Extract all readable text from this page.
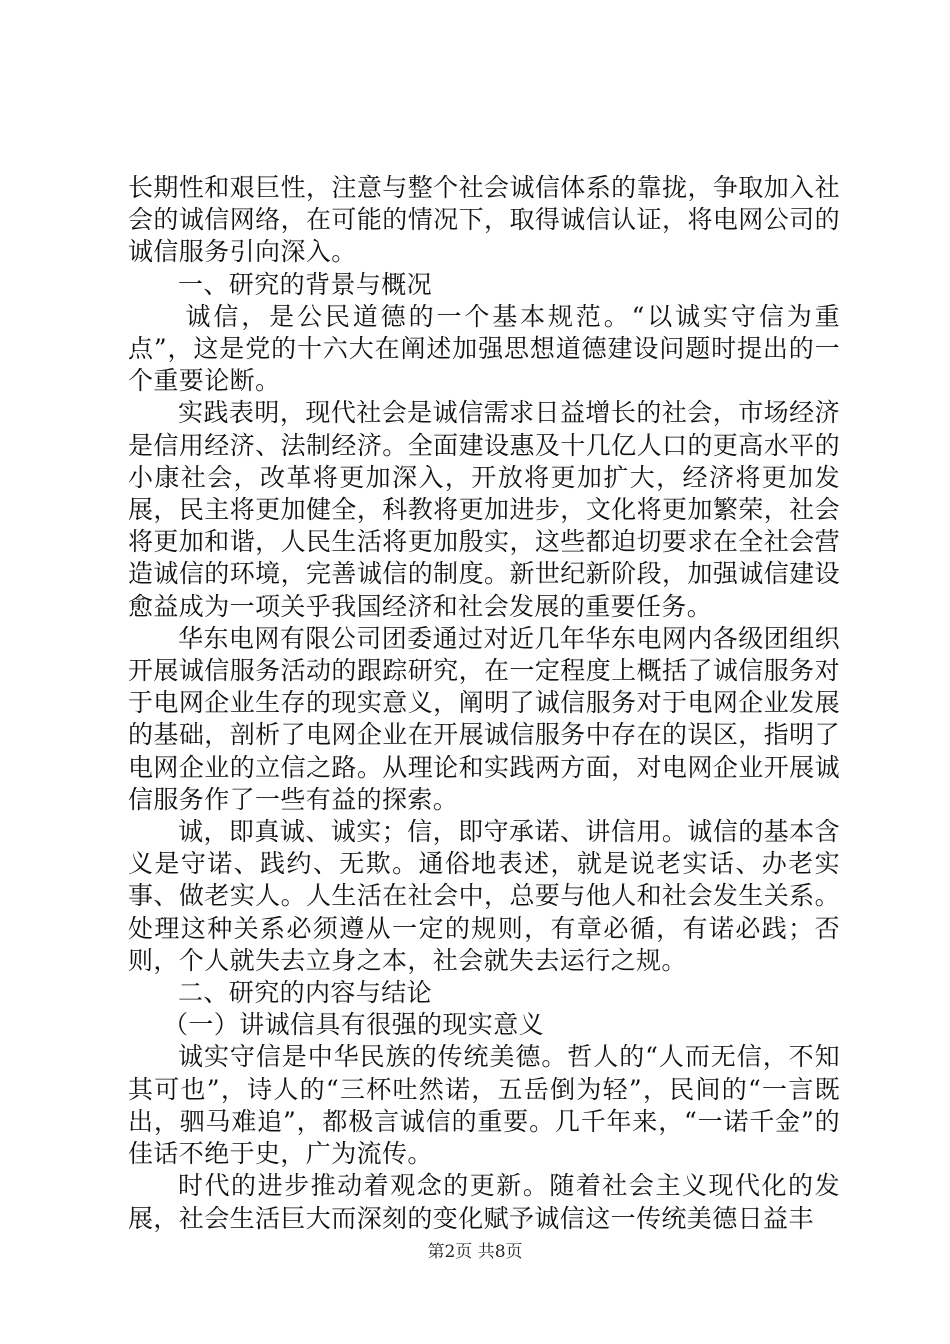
长期性和艰巨性，注意与整个社会诚信体系的靠拢，争取加入社会的诚信网络，在可能的情况下，取得诚信认证，将电网公司的诚信服务引向深入。

一、研究的背景与概况

诚信，是公民道德的一个基本规范。“以诚实守信为重点”，这是党的十六大在阐述加强思想道德建设问题时提出的一个重要论断。

实践表明，现代社会是诚信需求日益增长的社会，市场经济是信用经济、法制经济。全面建设惠及十几亿人口的更高水平的小康社会，改革将更加深入，开放将更加扩大，经济将更加发展，民主将更加健全，科教将更加进步，文化将更加繁荣，社会将更加和谐，人民生活将更加殷实，这些都迫切要求在全社会营造诚信的环境，完善诚信的制度。新世纪新阶段，加强诚信建设愈益成为一项关乎我国经济和社会发展的重要任务。

华东电网有限公司团委通过对近几年华东电网内各级团组织开展诚信服务活动的跟踪研究，在一定程度上概括了诚信服务对于电网企业生存的现实意义，阐明了诚信服务对于电网企业发展的基础，剖析了电网企业在开展诚信服务中存在的误区，指明了电网企业的立信之路。从理论和实践两方面，对电网企业开展诚信服务作了一些有益的探索。

诚，即真诚、诚实；信，即守承诺、讲信用。诚信的基本含义是守诺、践约、无欺。通俗地表述，就是说老实话、办老实事、做老实人。人生活在社会中，总要与他人和社会发生关系。处理这种关系必须遵从一定的规则，有章必循，有诺必践；否则，个人就失去立身之本，社会就失去运行之规。

二、研究的内容与结论

（一）讲诚信具有很强的现实意义

诚实守信是中华民族的传统美德。哲人的“人而无信，不知其可也”，诗人的“三杯吐然诺，五岳倒为轻”，民间的“一言既出，驷马难追”，都极言诚信的重要。几千年来，“一诺千金”的佳话不绝于史，广为流传。

时代的进步推动着观念的更新。随着社会主义现代化的发展，社会生活巨大而深刻的变化赋予诚信这一传统美德日益丰

第2页 共8页
